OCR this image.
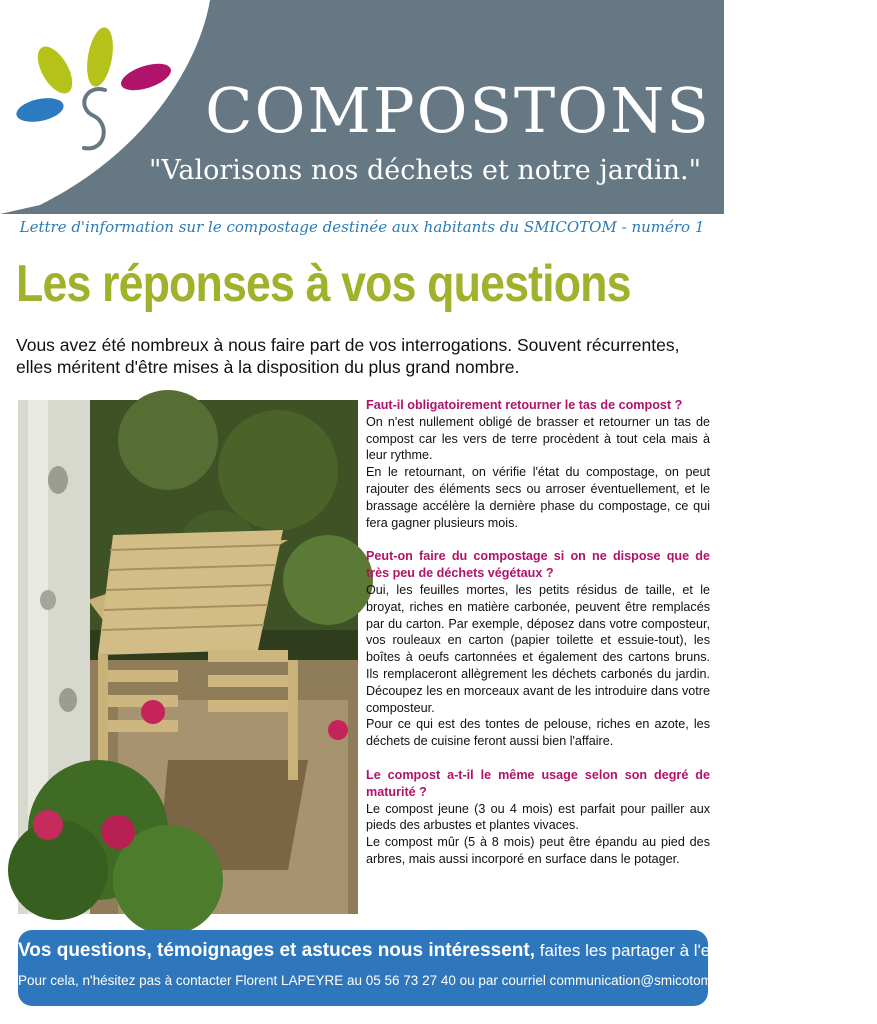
COMPOSTONS
"Valorisons nos déchets et notre jardin."
Lettre d'information sur le compostage destinée aux habitants du SMICOTOM - numéro 1
Les réponses à vos questions
Vous avez été nombreux à nous faire part de vos interrogations. Souvent récurrentes, elles méritent d'être mises à la disposition du plus grand nombre.

Faut-il obligatoirement retourner le tas de compost ?

On n'est nullement obligé de brasser et retourner un tas de compost car les vers de terre procèdent à tout cela mais à leur rythme.

En le retournant, on vérifie l'état du compostage, on peut rajouter des éléments secs ou arroser éventuellement, et le brassage accélère la dernière phase du compostage, ce qui fera gagner plusieurs mois.

Peut-on faire du compostage si on ne dispose que de très peu de déchets végétaux ?

Oui, les feuilles mortes, les petits résidus de taille, et le broyat, riches en matière carbonée, peuvent être remplacés par du carton. Par exemple, déposez dans votre composteur, vos rouleaux en carton (papier toilette et essuie-tout), les boîtes à oeufs cartonnées et également des cartons bruns. Ils remplaceront allègrement les déchets carbonés du jardin. Découpez les en morceaux avant de les introduire dans votre composteur.

Pour ce qui est des tontes de pelouse, riches en azote, les déchets de cuisine feront aussi bien l'affaire.

Le compost a-t-il le même usage selon son degré de maturité ?

Le compost jeune (3 ou 4 mois) est parfait pour pailler aux pieds des arbustes et plantes vivaces.

Le compost mûr (5 à 8 mois) peut être épandu au pied des arbres, mais aussi incorporé en surface dans le potager.

Vos questions, témoignages et astuces nous intéressent, faites les partager à l'ensemble des usagers.
Pour cela, n'hésitez pas à contacter Florent LAPEYRE au 05 56 73 27 40 ou par courriel communication@smicotom.fr
